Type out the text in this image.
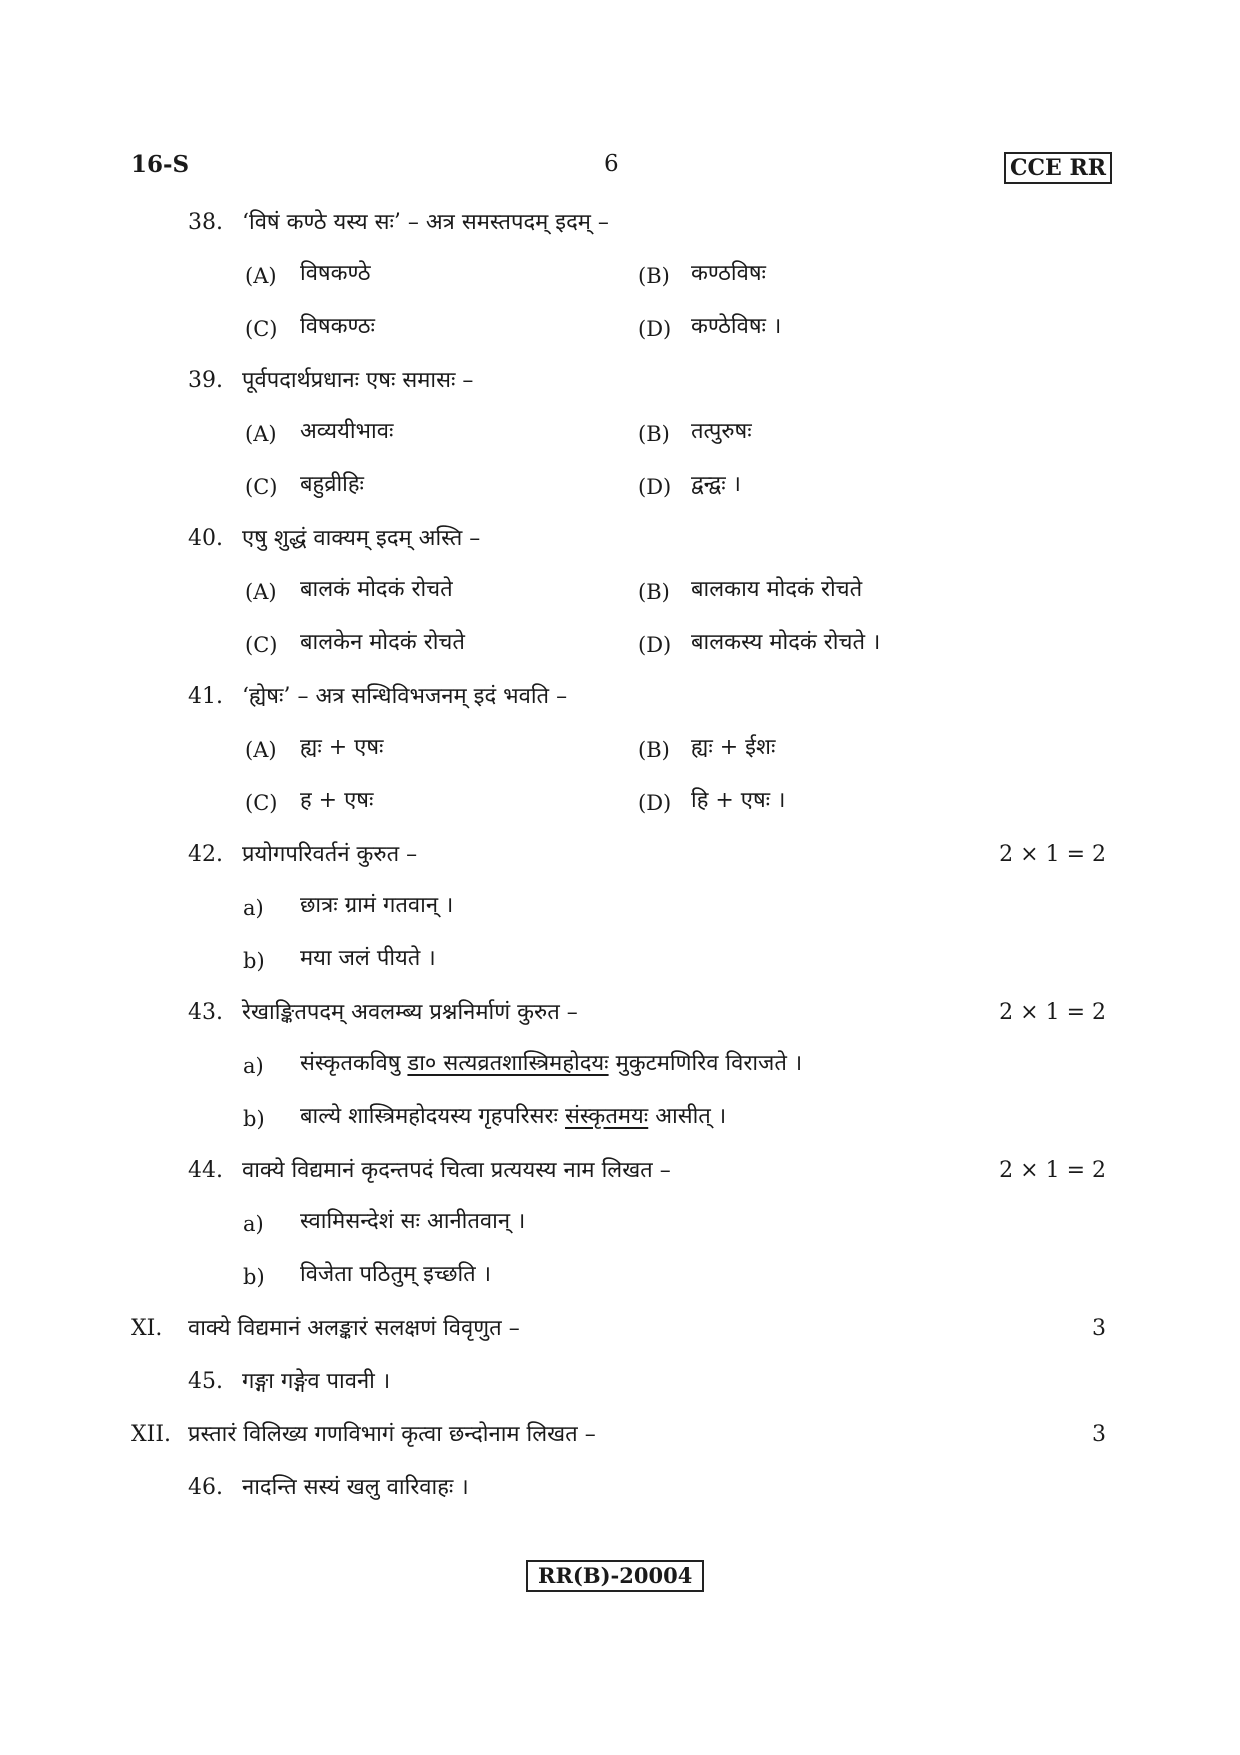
16-S	6	CCE RR
38. ‘विषं कण्ठे यस्य सः’ – अत्र समस्तपदम् इदम् –
(A) विषकण्ठे	(B) कण्ठविषः
(C) विषकण्ठः	(D) कण्ठेविषः ।
39. पूर्वपदार्थप्रधानः एषः समासः –
(A) अव्ययीभावः	(B) तत्पुरुषः
(C) बहुव्रीहिः	(D) द्वन्द्वः ।
40. एषु शुद्धं वाक्यम् इदम् अस्ति –
(A) बालकं मोदकं रोचते	(B) बालकाय मोदकं रोचते
(C) बालकेन मोदकं रोचते	(D) बालकस्य मोदकं रोचते ।
41. ‘ह्येषः’ – अत्र सन्धिविभजनम् इदं भवति –
(A) ह्यः + एषः	(B) ह्यः + ईशः
(C) ह + एषः	(D) हि + एषः ।
42. प्रयोगपरिवर्तनं कुरुत –	2 × 1 = 2
a) छात्रः ग्रामं गतवान् ।
b) मया जलं पीयते ।
43. रेखाङ्कितपदम् अवलम्ब्य प्रश्ननिर्माणं कुरुत –	2 × 1 = 2
a) संस्कृतकविषु डा० सत्यव्रतशास्त्रिमहोदयः मुकुटमणिरिव विराजते ।
b) बाल्ये शास्त्रिमहोदयस्य गृहपरिसरः संस्कृतमयः आसीत् ।
44. वाक्ये विद्यमानं कृदन्तपदं चित्वा प्रत्ययस्य नाम लिखत –	2 × 1 = 2
a) स्वामिसन्देशं सः आनीतवान् ।
b) विजेता पठितुम् इच्छति ।
XI. वाक्ये विद्यमानं अलङ्कारं सलक्षणं विवृणुत –	3
45. गङ्गा गङ्गेव पावनी ।
XII. प्रस्तारं विलिख्य गणविभागं कृत्वा छन्दोनाम लिखत –	3
46. नादन्ति सस्यं खलु वारिवाहः ।
RR(B)-20004
